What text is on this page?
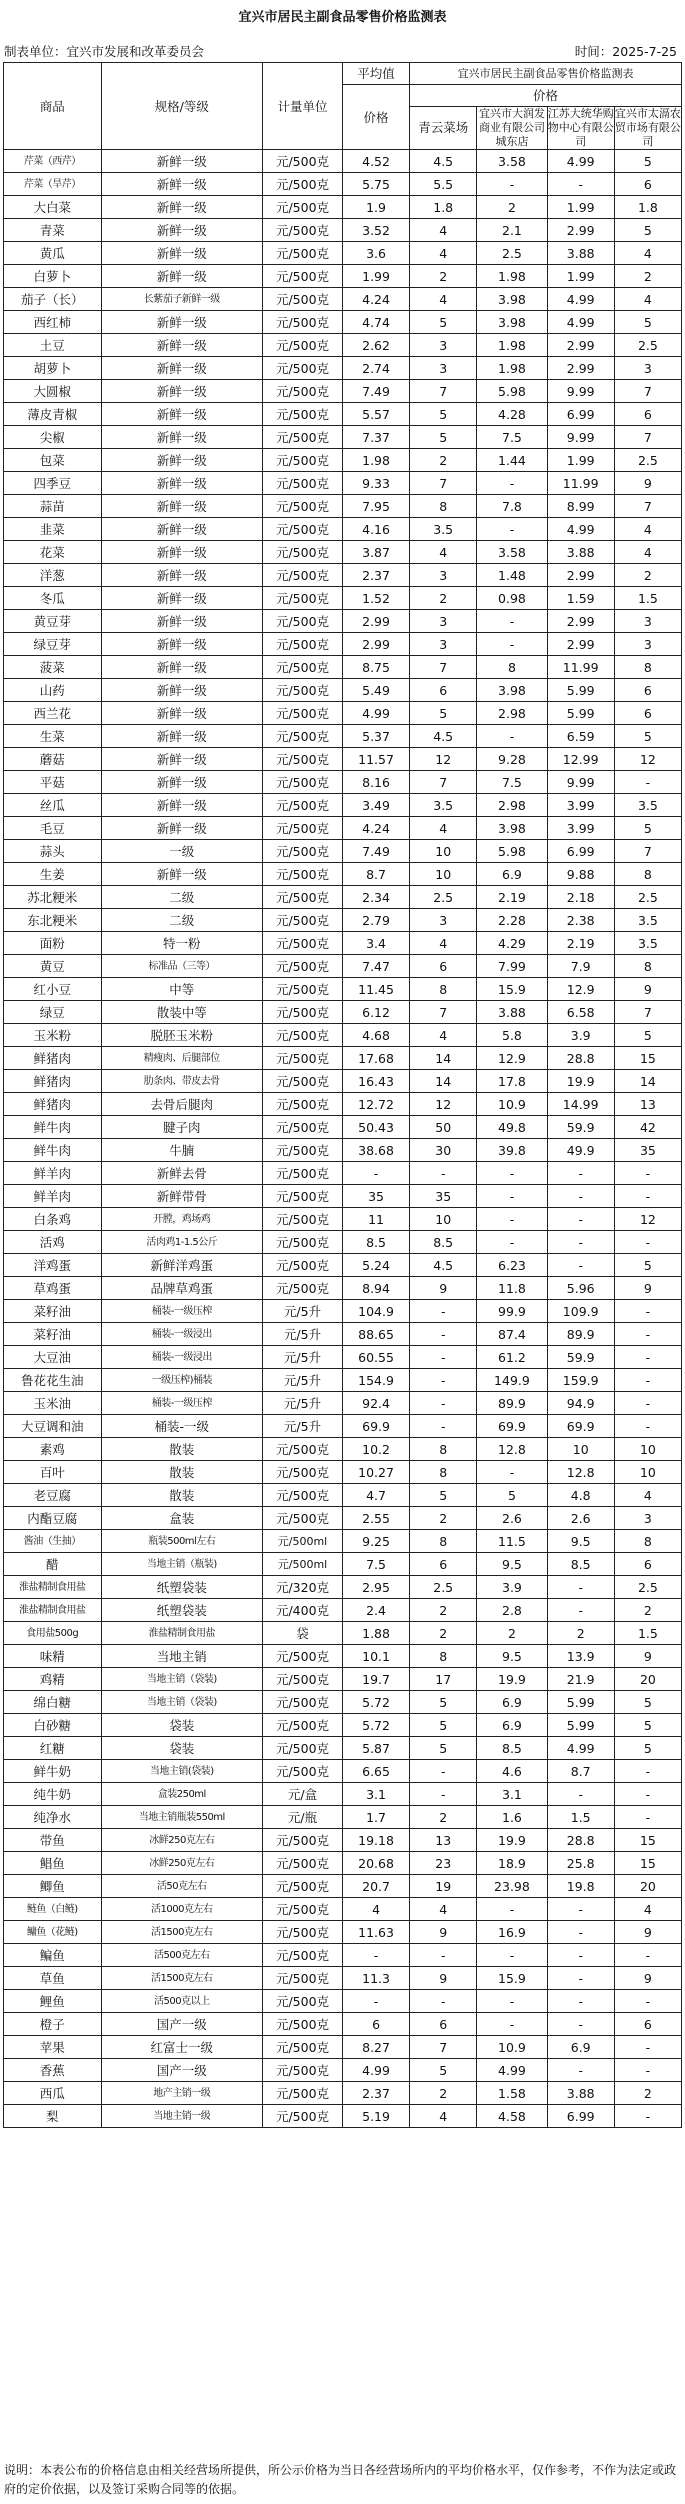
宜兴市居民主副食品零售价格监测表
制表单位：宜兴市发展和改革委员会	时间：2025-7-25
商品	规格/等级	计量单位	平均值	宜兴市居民主副食品零售价格监测表			
			价格	价格			
				青云菜场	宜兴市大润发商业有限公司城东店	江苏大统华购物中心有限公司	宜兴市太滆农贸市场有限公司
芹菜（西芹）	新鲜一级	元/500克	4.52	4.5	3.58	4.99	5
芹菜（旱芹）	新鲜一级	元/500克	5.75	5.5	-	-	6
大白菜	新鲜一级	元/500克	1.9	1.8	2	1.99	1.8
青菜	新鲜一级	元/500克	3.52	4	2.1	2.99	5
黄瓜	新鲜一级	元/500克	3.6	4	2.5	3.88	4
白萝卜	新鲜一级	元/500克	1.99	2	1.98	1.99	2
茄子（长）	长紫茄子新鲜一级	元/500克	4.24	4	3.98	4.99	4
西红柿	新鲜一级	元/500克	4.74	5	3.98	4.99	5
土豆	新鲜一级	元/500克	2.62	3	1.98	2.99	2.5
胡萝卜	新鲜一级	元/500克	2.74	3	1.98	2.99	3
大圆椒	新鲜一级	元/500克	7.49	7	5.98	9.99	7
薄皮青椒	新鲜一级	元/500克	5.57	5	4.28	6.99	6
尖椒	新鲜一级	元/500克	7.37	5	7.5	9.99	7
包菜	新鲜一级	元/500克	1.98	2	1.44	1.99	2.5
四季豆	新鲜一级	元/500克	9.33	7	-	11.99	9
蒜苗	新鲜一级	元/500克	7.95	8	7.8	8.99	7
韭菜	新鲜一级	元/500克	4.16	3.5	-	4.99	4
花菜	新鲜一级	元/500克	3.87	4	3.58	3.88	4
洋葱	新鲜一级	元/500克	2.37	3	1.48	2.99	2
冬瓜	新鲜一级	元/500克	1.52	2	0.98	1.59	1.5
黄豆芽	新鲜一级	元/500克	2.99	3	-	2.99	3
绿豆芽	新鲜一级	元/500克	2.99	3	-	2.99	3
菠菜	新鲜一级	元/500克	8.75	7	8	11.99	8
山药	新鲜一级	元/500克	5.49	6	3.98	5.99	6
西兰花	新鲜一级	元/500克	4.99	5	2.98	5.99	6
生菜	新鲜一级	元/500克	5.37	4.5	-	6.59	5
蘑菇	新鲜一级	元/500克	11.57	12	9.28	12.99	12
平菇	新鲜一级	元/500克	8.16	7	7.5	9.99	-
丝瓜	新鲜一级	元/500克	3.49	3.5	2.98	3.99	3.5
毛豆	新鲜一级	元/500克	4.24	4	3.98	3.99	5
蒜头	一级	元/500克	7.49	10	5.98	6.99	7
生姜	新鲜一级	元/500克	8.7	10	6.9	9.88	8
苏北粳米	二级	元/500克	2.34	2.5	2.19	2.18	2.5
东北粳米	二级	元/500克	2.79	3	2.28	2.38	3.5
面粉	特一粉	元/500克	3.4	4	4.29	2.19	3.5
黄豆	标准品（三等）	元/500克	7.47	6	7.99	7.9	8
红小豆	中等	元/500克	11.45	8	15.9	12.9	9
绿豆	散装中等	元/500克	6.12	7	3.88	6.58	7
玉米粉	脱胚玉米粉	元/500克	4.68	4	5.8	3.9	5
鲜猪肉	精瘦肉、后腿部位	元/500克	17.68	14	12.9	28.8	15
鲜猪肉	肋条肉、带皮去骨	元/500克	16.43	14	17.8	19.9	14
鲜猪肉	去骨后腿肉	元/500克	12.72	12	10.9	14.99	13
鲜牛肉	腱子肉	元/500克	50.43	50	49.8	59.9	42
鲜牛肉	牛腩	元/500克	38.68	30	39.8	49.9	35
鲜羊肉	新鲜去骨	元/500克	-	-	-	-	-
鲜羊肉	新鲜带骨	元/500克	35	35	-	-	-
白条鸡	开膛，鸡场鸡	元/500克	11	10	-	-	12
活鸡	活肉鸡1-1.5公斤	元/500克	8.5	8.5	-	-	-
洋鸡蛋	新鲜洋鸡蛋	元/500克	5.24	4.5	6.23	-	5
草鸡蛋	品牌草鸡蛋	元/500克	8.94	9	11.8	5.96	9
菜籽油	桶装-一级压榨	元/5升	104.9	-	99.9	109.9	-
菜籽油	桶装-一级浸出	元/5升	88.65	-	87.4	89.9	-
大豆油	桶装-一级浸出	元/5升	60.55	-	61.2	59.9	-
鲁花花生油	一级压榨)桶装	元/5升	154.9	-	149.9	159.9	-
玉米油	桶装-一级压榨	元/5升	92.4	-	89.9	94.9	-
大豆调和油	桶装-一级	元/5升	69.9	-	69.9	69.9	-
素鸡	散装	元/500克	10.2	8	12.8	10	10
百叶	散装	元/500克	10.27	8	-	12.8	10
老豆腐	散装	元/500克	4.7	5	5	4.8	4
内酯豆腐	盒装	元/500克	2.55	2	2.6	2.6	3
酱油（生抽）	瓶装500ml左右	元/500ml	9.25	8	11.5	9.5	8
醋	当地主销（瓶装)	元/500ml	7.5	6	9.5	8.5	6
淮盐精制食用盐	纸塑袋装	元/320克	2.95	2.5	3.9	-	2.5
淮盐精制食用盐	纸塑袋装	元/400克	2.4	2	2.8	-	2
食用盐500g	淮盐精制食用盐	袋	1.88	2	2	2	1.5
味精	当地主销	元/500克	10.1	8	9.5	13.9	9
鸡精	当地主销（袋装)	元/500克	19.7	17	19.9	21.9	20
绵白糖	当地主销（袋装)	元/500克	5.72	5	6.9	5.99	5
白砂糖	袋装	元/500克	5.72	5	6.9	5.99	5
红糖	袋装	元/500克	5.87	5	8.5	4.99	5
鲜牛奶	当地主销(袋装)	元/500克	6.65	-	4.6	8.7	-
纯牛奶	盒装250ml	元/盒	3.1	-	3.1	-	-
纯净水	当地主销瓶装550ml	元/瓶	1.7	2	1.6	1.5	-
带鱼	冰鲜250克左右	元/500克	19.18	13	19.9	28.8	15
鲳鱼	冰鲜250克左右	元/500克	20.68	23	18.9	25.8	15
鲫鱼	活50克左右	元/500克	20.7	19	23.98	19.8	20
鲢鱼（白鲢)	活1000克左右	元/500克	4	4	-	-	4
鳙鱼（花鲢)	活1500克左右	元/500克	11.63	9	16.9	-	9
鳊鱼	活500克左右	元/500克	-	-	-	-	-
草鱼	活1500克左右	元/500克	11.3	9	15.9	-	9
鲤鱼	活500克以上	元/500克	-	-	-	-	-
橙子	国产一级	元/500克	6	6	-	-	6
苹果	红富士一级	元/500克	8.27	7	10.9	6.9	-
香蕉	国产一级	元/500克	4.99	5	4.99	-	-
西瓜	地产主销一级	元/500克	2.37	2	1.58	3.88	2
梨	当地主销一级	元/500克	5.19	4	4.58	6.99	-
说明：本表公布的价格信息由相关经营场所提供，所公示价格为当日各经营场所内的平均价格水平，仅作参考，不作为法定或政府的定价依据，以及签订采购合同等的依据。
